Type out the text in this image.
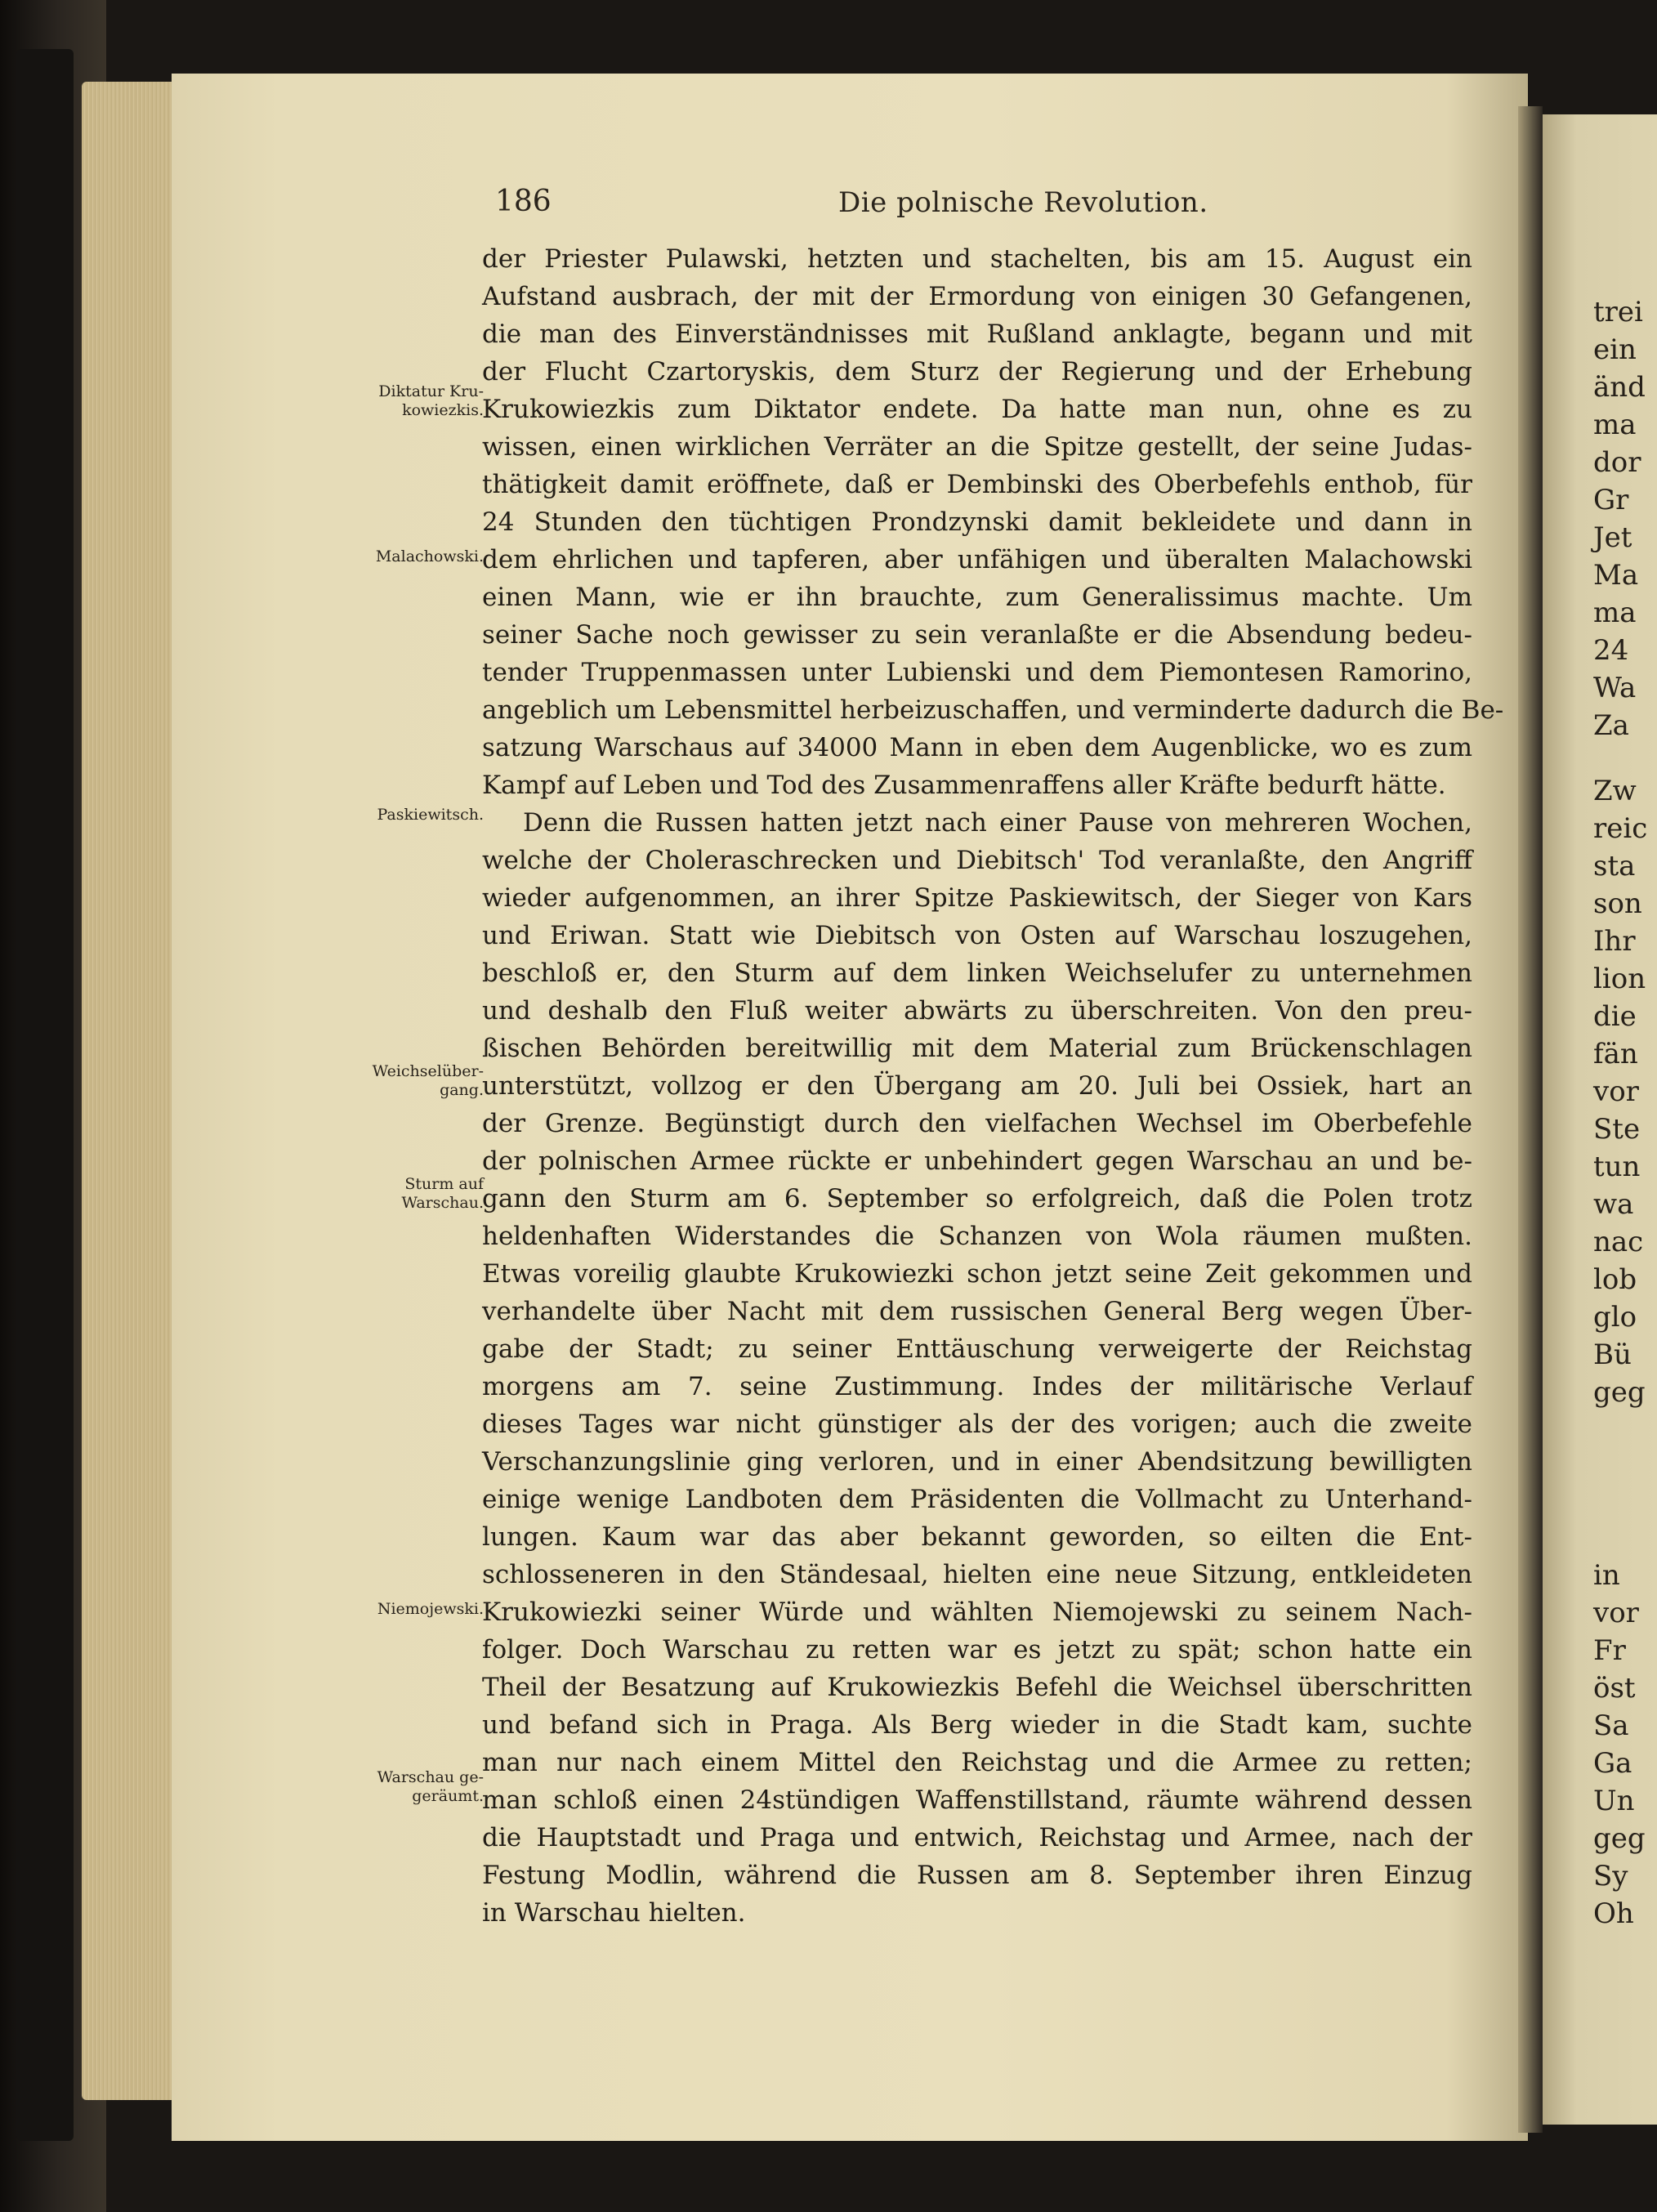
186	Die polnische Revolution.
Diktatur Kru-
kowiezkis.
Malachowski.
Paskiewitsch.
Weichselüber-
gang.
Sturm auf
Warschau.
Niemojewski.
Warschau ge-
geräumt.
der Priester Pulawski, hetzten und stachelten, bis am 15. August ein
Aufstand ausbrach, der mit der Ermordung von einigen 30 Gefangenen,
die man des Einverständnisses mit Rußland anklagte, begann und mit
der Flucht Czartoryskis, dem Sturz der Regierung und der Erhebung
Krukowiezkis zum Diktator endete. Da hatte man nun, ohne es zu
wissen, einen wirklichen Verräter an die Spitze gestellt, der seine Judas-
thätigkeit damit eröffnete, daß er Dembinski des Oberbefehls enthob, für
24 Stunden den tüchtigen Prondzynski damit bekleidete und dann in
dem ehrlichen und tapferen, aber unfähigen und überalten Malachowski
einen Mann, wie er ihn brauchte, zum Generalissimus machte. Um
seiner Sache noch gewisser zu sein veranlaßte er die Absendung bedeu-
tender Truppenmassen unter Lubienski und dem Piemontesen Ramorino,
angeblich um Lebensmittel herbeizuschaffen, und verminderte dadurch die Be-
satzung Warschaus auf 34000 Mann in eben dem Augenblicke, wo es zum
Kampf auf Leben und Tod des Zusammenraffens aller Kräfte bedurft hätte.
Denn die Russen hatten jetzt nach einer Pause von mehreren Wochen,
welche der Choleraschrecken und Diebitsch' Tod veranlaßte, den Angriff
wieder aufgenommen, an ihrer Spitze Paskiewitsch, der Sieger von Kars
und Eriwan. Statt wie Diebitsch von Osten auf Warschau loszugehen,
beschloß er, den Sturm auf dem linken Weichselufer zu unternehmen
und deshalb den Fluß weiter abwärts zu überschreiten. Von den preu-
ßischen Behörden bereitwillig mit dem Material zum Brückenschlagen
unterstützt, vollzog er den Übergang am 20. Juli bei Ossiek, hart an
der Grenze. Begünstigt durch den vielfachen Wechsel im Oberbefehle
der polnischen Armee rückte er unbehindert gegen Warschau an und be-
gann den Sturm am 6. September so erfolgreich, daß die Polen trotz
heldenhaften Widerstandes die Schanzen von Wola räumen mußten.
Etwas voreilig glaubte Krukowiezki schon jetzt seine Zeit gekommen und
verhandelte über Nacht mit dem russischen General Berg wegen Über-
gabe der Stadt; zu seiner Enttäuschung verweigerte der Reichstag
morgens am 7. seine Zustimmung. Indes der militärische Verlauf
dieses Tages war nicht günstiger als der des vorigen; auch die zweite
Verschanzungslinie ging verloren, und in einer Abendsitzung bewilligten
einige wenige Landboten dem Präsidenten die Vollmacht zu Unterhand-
lungen. Kaum war das aber bekannt geworden, so eilten die Ent-
schlosseneren in den Ständesaal, hielten eine neue Sitzung, entkleideten
Krukowiezki seiner Würde und wählten Niemojewski zu seinem Nach-
folger. Doch Warschau zu retten war es jetzt zu spät; schon hatte ein
Theil der Besatzung auf Krukowiezkis Befehl die Weichsel überschritten
und befand sich in Praga. Als Berg wieder in die Stadt kam, suchte
man nur nach einem Mittel den Reichstag und die Armee zu retten;
man schloß einen 24stündigen Waffenstillstand, räumte während dessen
die Hauptstadt und Praga und entwich, Reichstag und Armee, nach der
Festung Modlin, während die Russen am 8. September ihren Einzug
in Warschau hielten.
trei
ein
änd
ma
dor
Gr
Jet
Ma
ma
24
Wa
Za
Zw
reic
sta
son
Ihr
lion
die
fän
vor
Ste
tun
wa
nac
lob
glo
Bü
geg
in
vor
Fr
öst
Sa
Ga
Un
geg
Sy
Oh
